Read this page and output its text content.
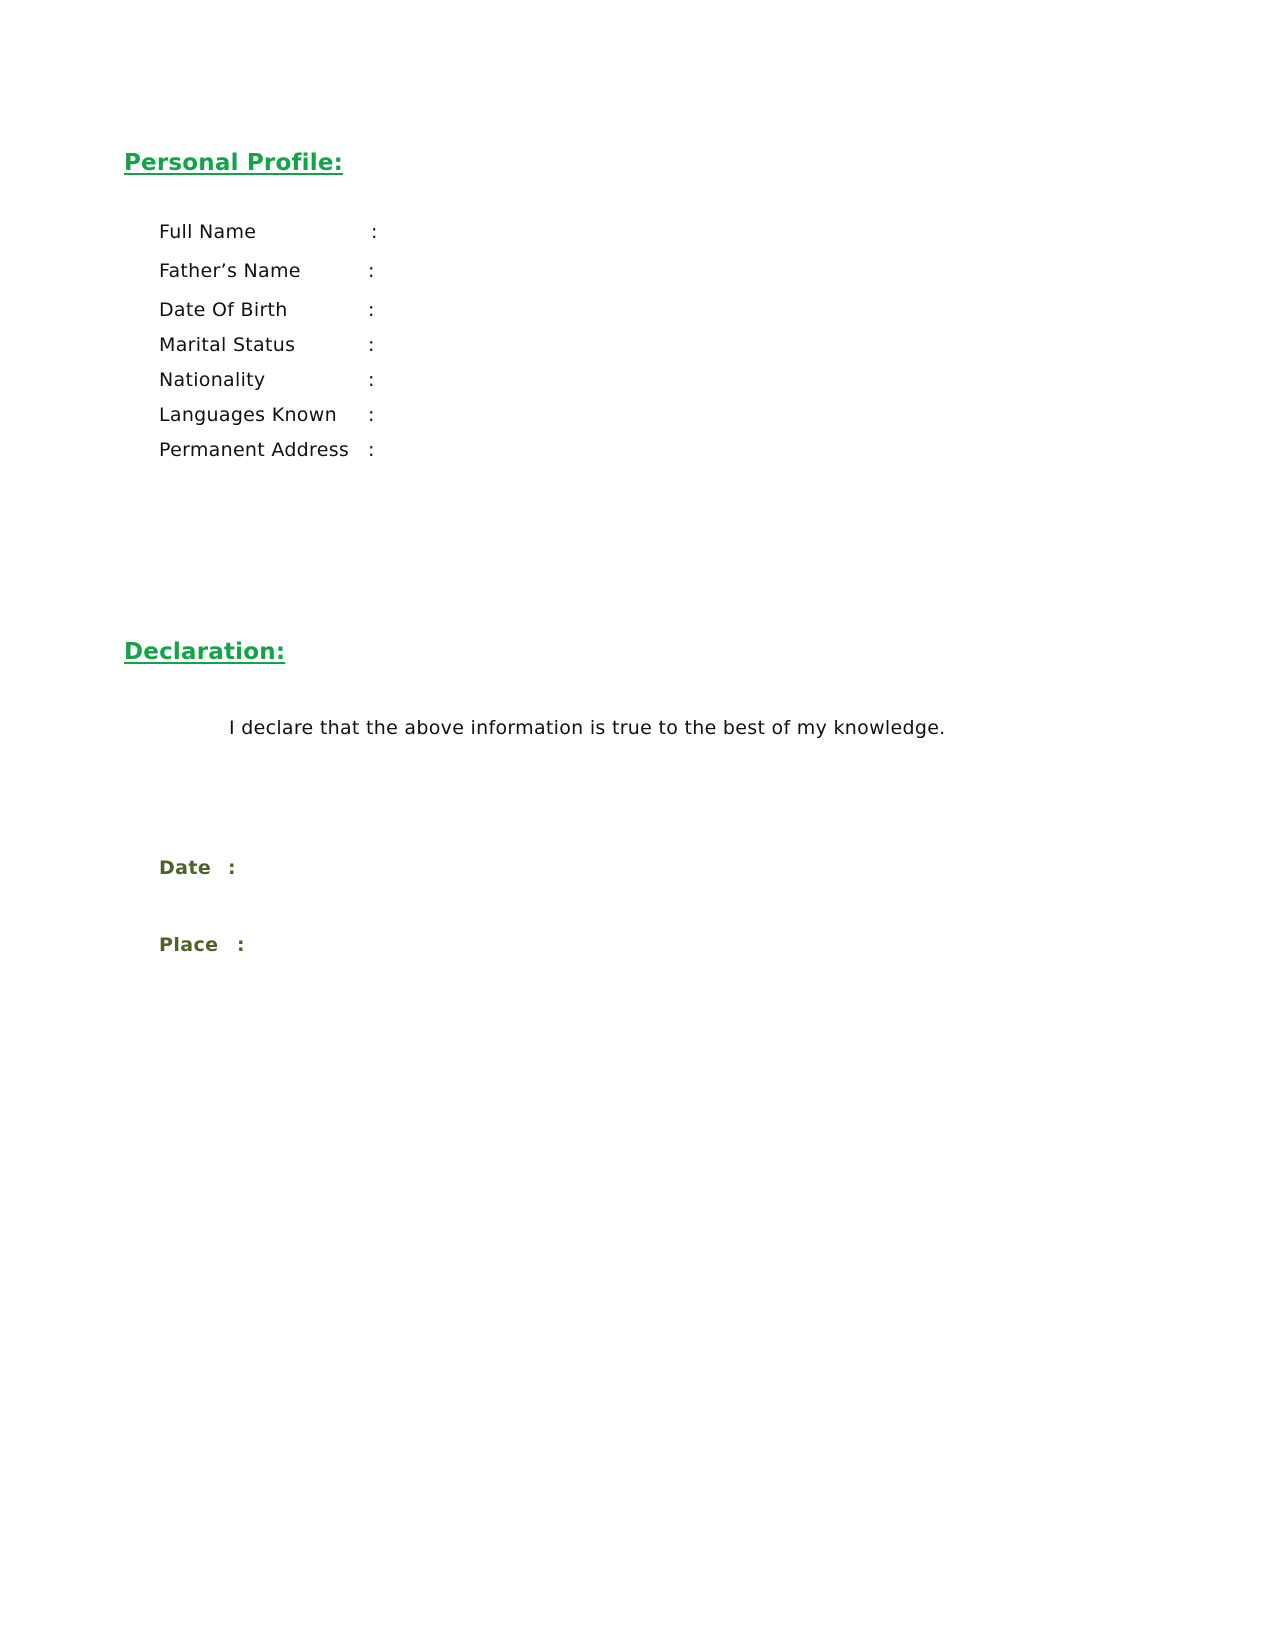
Personal Profile:
Full Name	:
Father’s Name	:
Date Of Birth	:
Marital Status	:
Nationality	:
Languages Known :
Permanent Address :
Declaration:

I declare that the above information is true to the best of my knowledge.

Date :
Place :
